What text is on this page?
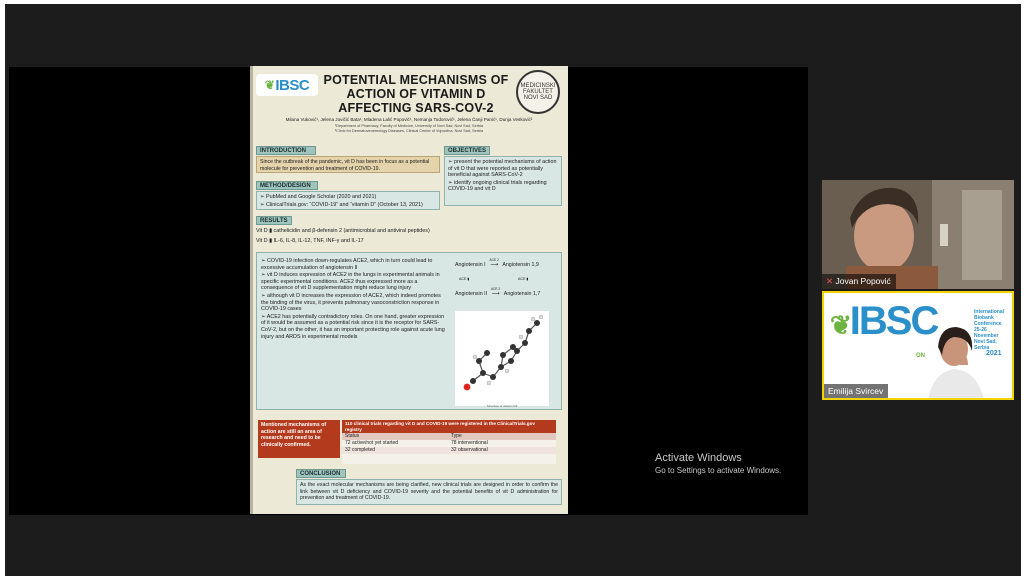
❦ IBSC POTENTIAL MECHANISMS OF
ACTION OF VITAMIN D
AFFECTING SARS-COV-2
MEDICINSKI FAKULTET NOVI SAD
Milana Vuković¹, Jelena Jovičić Bata¹, Mladena Lalić Popović¹, Nemanja Todorović¹, Jelena Čanji Panić¹, Dunja Vesković²
¹Department of Pharmacy, Faculty of Medicine, University of Novi Sad, Novi Sad, Serbia
²Clinic for Dermatovenereology Diseases, Clinical Center of Vojvodina, Novi Sad, Serbia
INTRODUCTION
Since the outbreak of the pandemic, vit D has been in focus as a potential molecule for prevention and treatment of COVID-19.
OBJECTIVES
➢ present the potential mechanisms of action of vit D that were reported as potentially beneficial against SARS-CoV-2
➢ identify ongoing clinical trials regarding COVID-19 and vit D
METHOD/DESIGN
➢ PubMed and Google Scholar (2020 and 2021)
➢ ClinicalTrials.gov: “COVID-19” and “vitamin D” (October 13, 2021)
RESULTS
Vit D ▮ cathelicidin and β-defensin 2 (antimicrobial and antiviral peptides)
Vit D ▮ IL-6, IL-8, IL-12, TNF, INF-γ and IL-17
➢ COVID-19 infection down-regulates ACE2, which in turn could lead to excessive accumulation of angiotensin II
➢ vit D induces expression of ACE2 in the lungs in experimental animals in specific experimental conditions. ACE2 thus expressed more as a consequence of vit D supplementation might reduce lung injury
➢ although vit D increases the expression of ACE2, which indeed promotes the binding of the virus, it prevents pulmonary vasoconstriction response in COVID-19 cases
➢ ACE2 has potentially contradictory roles. On one hand, greater expression of it would be assumed as a potential risk since it is the receptor for SARS-CoV-2, but on the other, it has an important protecting role against acute lung injury and ARDS in experimental models
Angiotensin I
ACE 2
⟶ Angiotensin 1,9
ACE ▮	ACE ▮
Angiotensin II
ACE 2
⟶ Angiotensin 1,7
Structure of vitamin D3
Mentioned mechanisms of action are still an area of research and need to be clinically confirmed.
110 clinical trials regarding vit D and COVID-19 were registered in the ClinicalTrials.gov registry
Status	Type
72 active/not yet started	78 interventional
32 completed	32 observational
CONCLUSION
As the exact molecular mechanisms are being clarified, new clinical trials are designed in order to confirm the link between vit D deficiency and COVID-19 severity and the potential benefits of vit D administration for prevention and treatment of COVID-19.
✕ Jovan Popović
❦IBSC	International
Biobank
Conference
25-26 November
Novi Sad, Serbia
2021
ON
Emilija Svircev
Activate Windows
Go to Settings to activate Windows.
